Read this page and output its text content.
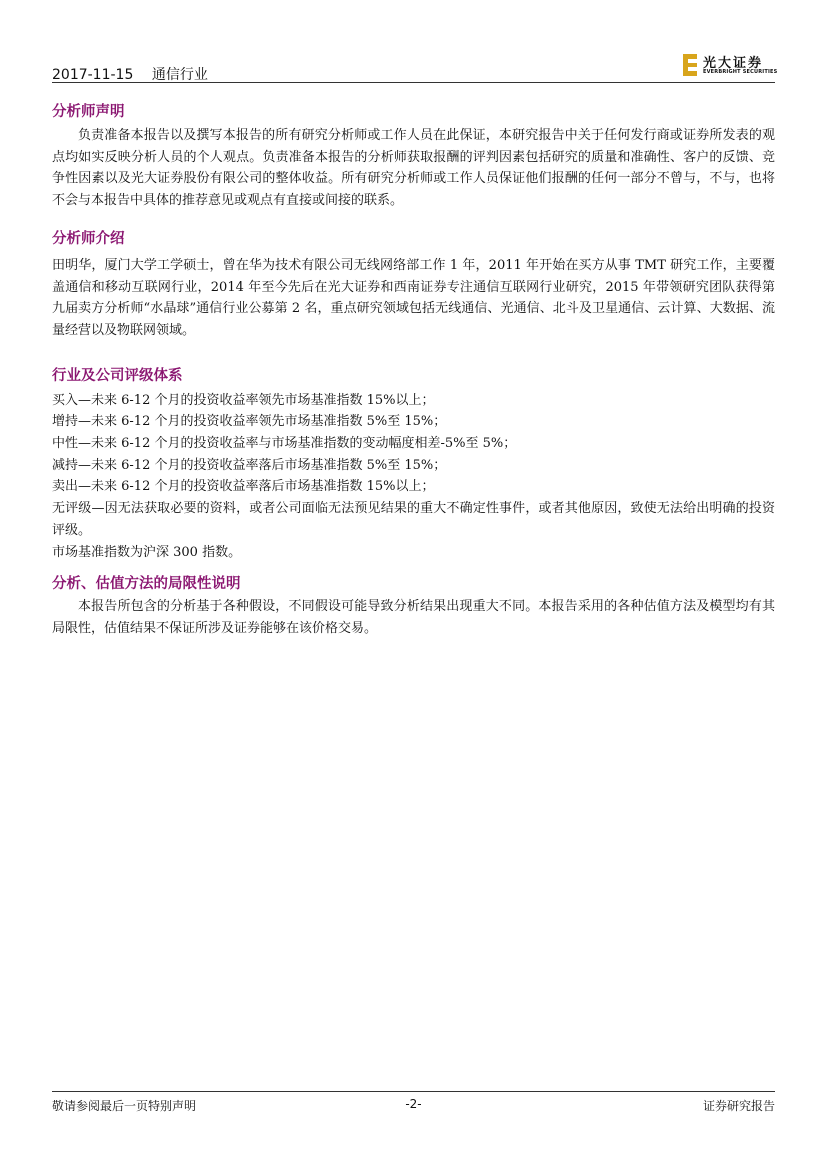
2017-11-15 通信行业
光大证券
EVERBRIGHT SECURITIES
分析师声明

负责准备本报告以及撰写本报告的所有研究分析师或工作人员在此保证，本研究报告中关于任何发行商或证券所发表的观点均如实反映分析人员的个人观点。负责准备本报告的分析师获取报酬的评判因素包括研究的质量和准确性、客户的反馈、竞争性因素以及光大证券股份有限公司的整体收益。所有研究分析师或工作人员保证他们报酬的任何一部分不曾与，不与，也将不会与本报告中具体的推荐意见或观点有直接或间接的联系。

分析师介绍

田明华，厦门大学工学硕士，曾在华为技术有限公司无线网络部工作 1 年，2011 年开始在买方从事 TMT 研究工作，主要覆盖通信和移动互联网行业，2014 年至今先后在光大证券和西南证券专注通信互联网行业研究，2015 年带领研究团队获得第九届卖方分析师“水晶球”通信行业公募第 2 名，重点研究领域包括无线通信、光通信、北斗及卫星通信、云计算、大数据、流量经营以及物联网领域。

行业及公司评级体系

买入—未来 6-12 个月的投资收益率领先市场基准指数 15%以上；

增持—未来 6-12 个月的投资收益率领先市场基准指数 5%至 15%；

中性—未来 6-12 个月的投资收益率与市场基准指数的变动幅度相差-5%至 5%；

减持—未来 6-12 个月的投资收益率落后市场基准指数 5%至 15%；

卖出—未来 6-12 个月的投资收益率落后市场基准指数 15%以上；

无评级—因无法获取必要的资料，或者公司面临无法预见结果的重大不确定性事件，或者其他原因，致使无法给出明确的投资评级。

市场基准指数为沪深 300 指数。

分析、估值方法的局限性说明

本报告所包含的分析基于各种假设，不同假设可能导致分析结果出现重大不同。本报告采用的各种估值方法及模型均有其局限性，估值结果不保证所涉及证券能够在该价格交易。

敬请参阅最后一页特别声明	-2-	证券研究报告
